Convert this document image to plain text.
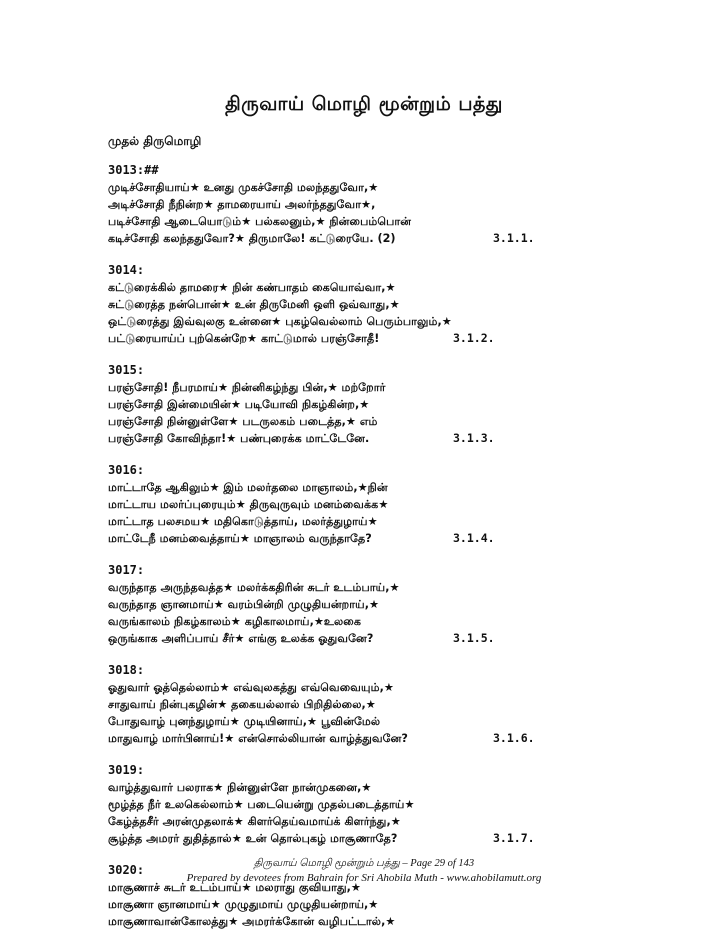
திருவாய் மொழி மூன்றும் பத்து
முதல் திருமொழி
3013:##
முடிச்சோதியாய்★ உனது முகச்சோதி மலந்ததுவோ,★
அடிச்சோதி நீநின்ற★ தாமரையாய் அலர்ந்ததுவோ★,
படிச்சோதி ஆடையொடும்★ பல்கலனும்,★ நின்பைம்பொன்
கடிச்சோதி கலந்ததுவோ?★ திருமாலே! கட்டுரையே. (2)	3.1.1.
3014:
கட்டுரைக்கில் தாமரை★ நின் கண்பாதம் கையொவ்வா,★
சுட்டுரைத்த நன்பொன்★ உன் திருமேனி ஒளி ஒவ்வாது,★
ஒட்டுரைத்து இவ்வுலகு உன்னை★ புகழ்வெல்லாம் பெரும்பாலும்,★
பட்டுரையாய்ப் புற்கென்றே★ காட்டுமால் பரஞ்சோதீ!	3.1.2.
3015:
பரஞ்சோதி! நீபரமாய்★ நின்னிகழ்ந்து பின்,★ மற்றோர்
பரஞ்சோதி இன்மையின்★ படியோவி நிகழ்கின்ற,★
பரஞ்சோதி நின்னுள்ளே★ படருலகம் படைத்த,★ எம்
பரஞ்சோதி கோவிந்தா!★ பண்புரைக்க மாட்டேனே.	3.1.3.
3016:
மாட்டாதே ஆகிலும்★ இம் மலர்தலை மாஞாலம்,★நின்
மாட்டாய மலர்ப்புரையும்★ திருவுருவும் மனம்வைக்க★
மாட்டாத பலசமய★ மதிகொடுத்தாய், மலர்த்துழாய்★
மாட்டேநீ மனம்வைத்தாய்★ மாஞாலம் வருந்தாதே?	3.1.4.
3017:
வருந்தாத அருந்தவத்த★ மலர்க்கதிரின் சுடர் உடம்பாய்,★
வருந்தாத ஞானமாய்★ வரம்பின்றி முழுதியன்றாய்,★
வருங்காலம் நிகழ்காலம்★ கழிகாலமாய்,★உலகை
ஒருங்காக அளிப்பாய் சீர்★ எங்கு உலக்க ஓதுவனே?	3.1.5.
3018:
ஓதுவார் ஓத்தெல்லாம்★ எவ்வுலகத்து எவ்வெவையும்,★
சாதுவாய் நின்புகழின்★ தகையல்லால் பிறிதில்லை,★
போதுவாழ் புனந்துழாய்★ முடியினாய்,★ பூவின்மேல்
மாதுவாழ் மார்பினாய்!★ என்சொல்லியான் வாழ்த்துவனே?	3.1.6.
3019:
வாழ்த்துவார் பலராக★ நின்னுள்ளே நான்முகனை,★
மூழ்த்த நீர் உலகெல்லாம்★ படையென்று முதல்படைத்தாய்★
கேழ்த்தசீர் அரன்முதலாக்★ கிளர்தெய்வமாய்க் கிளர்ந்து,★
சூழ்த்த அமரர் துதித்தால்★ உன் தொல்புகழ் மாசூணாதே?	3.1.7.
3020:
மாசூணாச் சுடர் உடம்பாய்★ மலராது குவியாது,★
மாசூணா ஞானமாய்★ முழுதுமாய் முழுதியன்றாய்,★
மாசூணாவான்கோலத்து★ அமரர்க்கோன் வழிபட்டால்,★
திருவாய் மொழி மூன்றும் பத்து – Page 29 of 143
Prepared by devotees from Bahrain for Sri Ahobila Muth - www.ahobilamutt.org
